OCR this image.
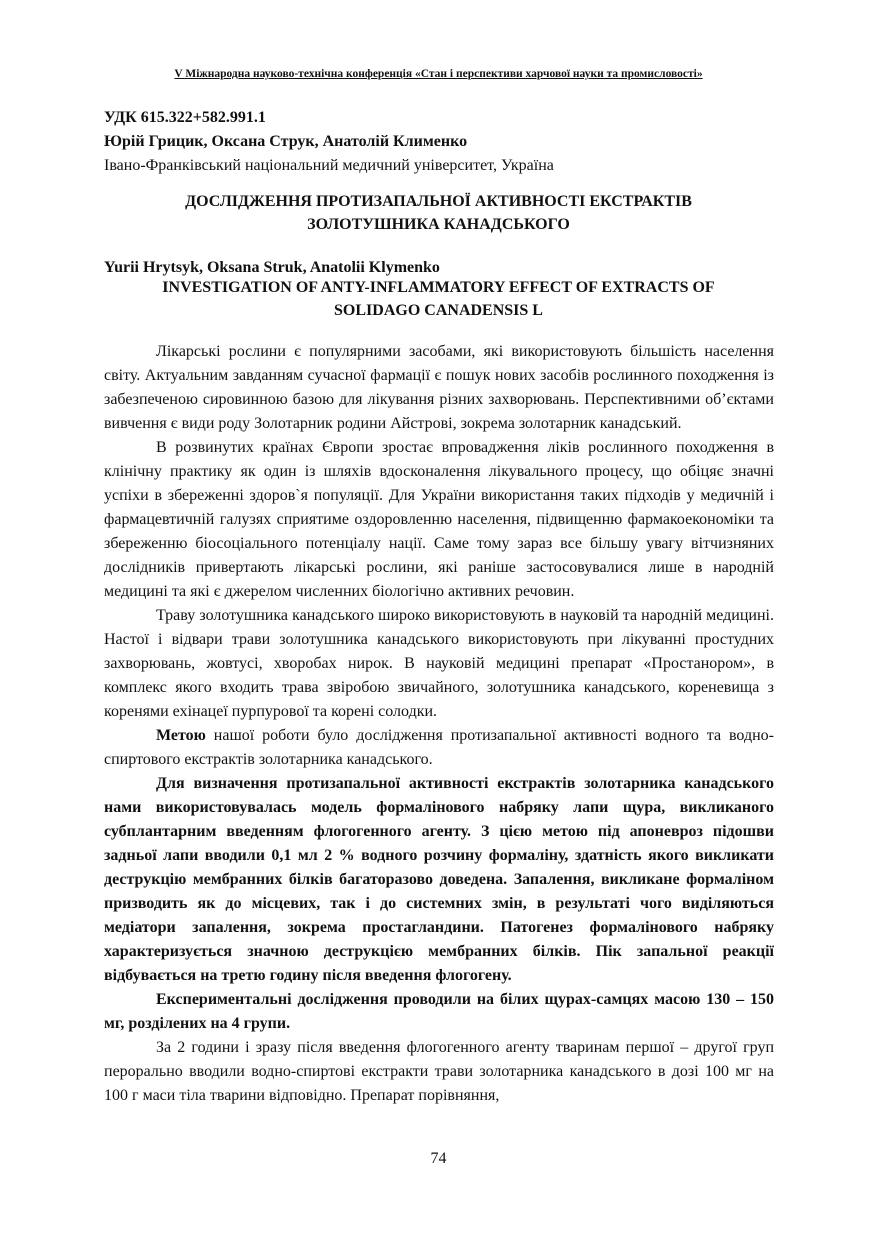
V Міжнародна науково-технічна конференція «Стан і перспективи харчової науки та промисловості»
УДК 615.322+582.991.1
Юрій Грицик, Оксана Струк, Анатолій Клименко
Івано-Франківський національний медичний університет, Україна
ДОСЛІДЖЕННЯ ПРОТИЗАПАЛЬНОЇ АКТИВНОСТІ ЕКСТРАКТІВ
ЗОЛОТУШНИКА КАНАДСЬКОГО
Yurii Hrytsyk, Oksana Struk, Anatolii Klymenko
INVESTIGATION OF ANTY-INFLAMMATORY EFFECT OF EXTRACTS OF
SOLIDAGO CANADENSIS L

Лікарські рослини є популярними засобами, які використовують більшість населення світу. Актуальним завданням сучасної фармації є пошук нових засобів рослинного походження із забезпеченою сировинною базою для лікування різних захворювань. Перспективними об’єктами вивчення є види роду Золотарник родини Айстрові, зокрема золотарник канадський.

В розвинутих країнах Європи зростає впровадження ліків рослинного походження в клінічну практику як один із шляхів вдосконалення лікувального процесу, що обіцяє значні успіхи в збереженні здоров`я популяції. Для України використання таких підходів у медичній і фармацевтичній галузях сприятиме оздоровленню населення, підвищенню фармакоекономіки та збереженню біосоціального потенціалу нації. Саме тому зараз все більшу увагу вітчизняних дослідників привертають лікарські рослини, які раніше застосовувалися лише в народній медицині та які є джерелом численних біологічно активних речовин.

Траву золотушника канадського широко використовують в науковій та народній медицині. Настої і відвари трави золотушника канадського використовують при лікуванні простудних захворювань, жовтусі, хворобах нирок. В науковій медицині препарат «Простанором», в комплекс якого входить трава звіробою звичайного, золотушника канадського, кореневища з коренями ехінацеї пурпурової та корені солодки.

Метою нашої роботи було дослідження протизапальної активності водного та водно-спиртового екстрактів золотарника канадського.

Для визначення протизапальної активності екстрактів золотарника канадського нами використовувалась модель формалінового набряку лапи щура, викликаного субплантарним введенням флогогенного агенту. З цією метою під апоневроз підошви задньої лапи вводили 0,1 мл 2 % водного розчину формаліну, здатність якого викликати деструкцію мембранних білків багаторазово доведена. Запалення, викликане формаліном призводить як до місцевих, так і до системних змін, в результаті чого виділяються медіатори запалення, зокрема простагландини. Патогенез формалінового набряку характеризується значною деструкцією мембранних білків. Пік запальної реакції відбувається на третю годину після введення флогогену.

Експериментальні дослідження проводили на білих щурах-самцях масою 130 – 150 мг, розділених на 4 групи.

За 2 години і зразу після введення флогогенного агенту тваринам першої – другої груп перорально вводили водно-спиртові екстракти трави золотарника канадського в дозі 100 мг на 100 г маси тіла тварини відповідно. Препарат порівняння,

74
